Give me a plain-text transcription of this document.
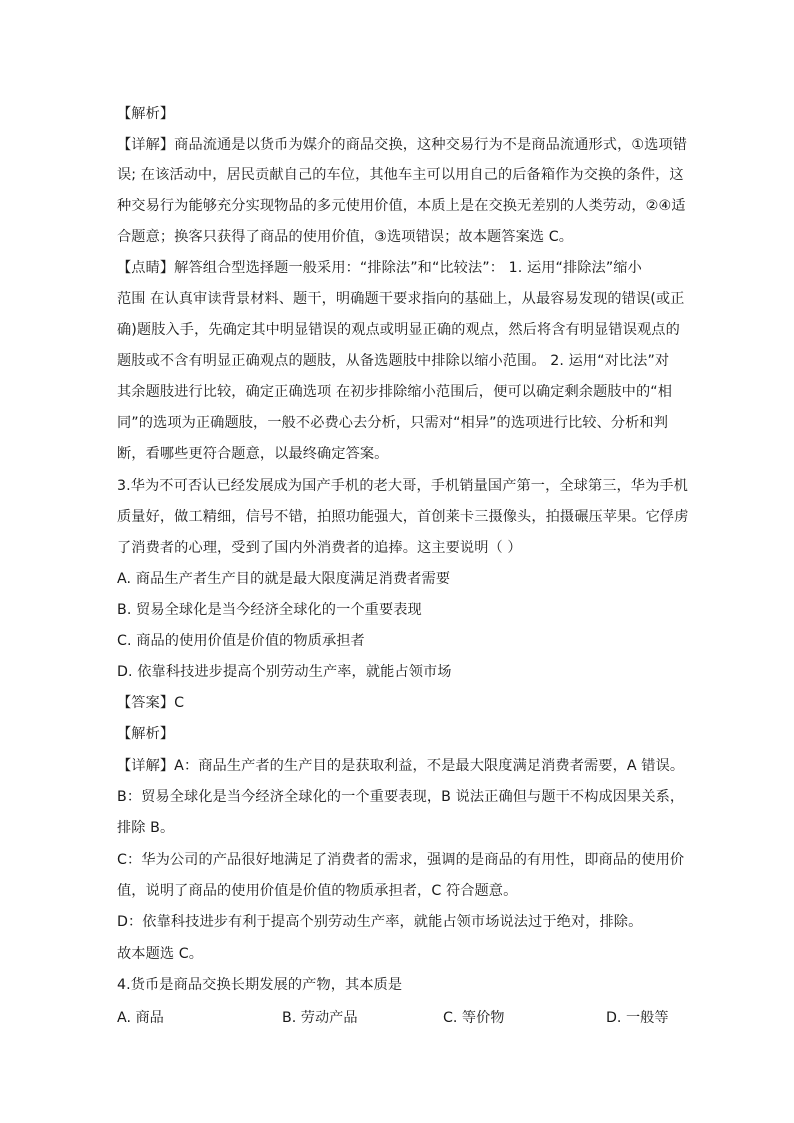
【解析】
【详解】商品流通是以货币为媒介的商品交换，这种交易行为不是商品流通形式，①选项错
误; 在该活动中，居民贡献自己的车位，其他车主可以用自己的后备箱作为交换的条件，这
种交易行为能够充分实现物品的多元使用价值，本质上是在交换无差别的人类劳动，②④适
合题意；换客只获得了商品的使用价值，③选项错误；故本题答案选 C。
【点睛】解答组合型选择题一般采用：“排除法”和“比较法”： 1. 运用“排除法”缩小
范围 在认真审读背景材料、题干，明确题干要求指向的基础上，从最容易发现的错误(或正
确)题肢入手，先确定其中明显错误的观点或明显正确的观点，然后将含有明显错误观点的
题肢或不含有明显正确观点的题肢，从备选题肢中排除以缩小范围。 2. 运用“对比法”对
其余题肢进行比较，确定正确选项 在初步排除缩小范围后，便可以确定剩余题肢中的“相
同”的选项为正确题肢，一般不必费心去分析，只需对“相异”的选项进行比较、分析和判
断，看哪些更符合题意，以最终确定答案。
3.华为不可否认已经发展成为国产手机的老大哥，手机销量国产第一，全球第三，华为手机
质量好，做工精细，信号不错，拍照功能强大，首创莱卡三摄像头，拍摄碾压苹果。它俘虏
了消费者的心理，受到了国内外消费者的追捧。这主要说明（ ）
A. 商品生产者生产目的就是最大限度满足消费者需要
B. 贸易全球化是当今经济全球化的一个重要表现
C. 商品的使用价值是价值的物质承担者
D. 依靠科技进步提高个别劳动生产率，就能占领市场
【答案】C
【解析】
【详解】A：商品生产者的生产目的是获取利益，不是最大限度满足消费者需要，A 错误。
B：贸易全球化是当今经济全球化的一个重要表现，B 说法正确但与题干不构成因果关系，
排除 B。
C：华为公司的产品很好地满足了消费者的需求，强调的是商品的有用性，即商品的使用价
值，说明了商品的使用价值是价值的物质承担者，C 符合题意。
D：依靠科技进步有利于提高个别劳动生产率，就能占领市场说法过于绝对，排除。
故本题选 C。
4.货币是商品交换长期发展的产物，其本质是
A. 商品	B. 劳动产品	C. 等价物	D. 一般等
